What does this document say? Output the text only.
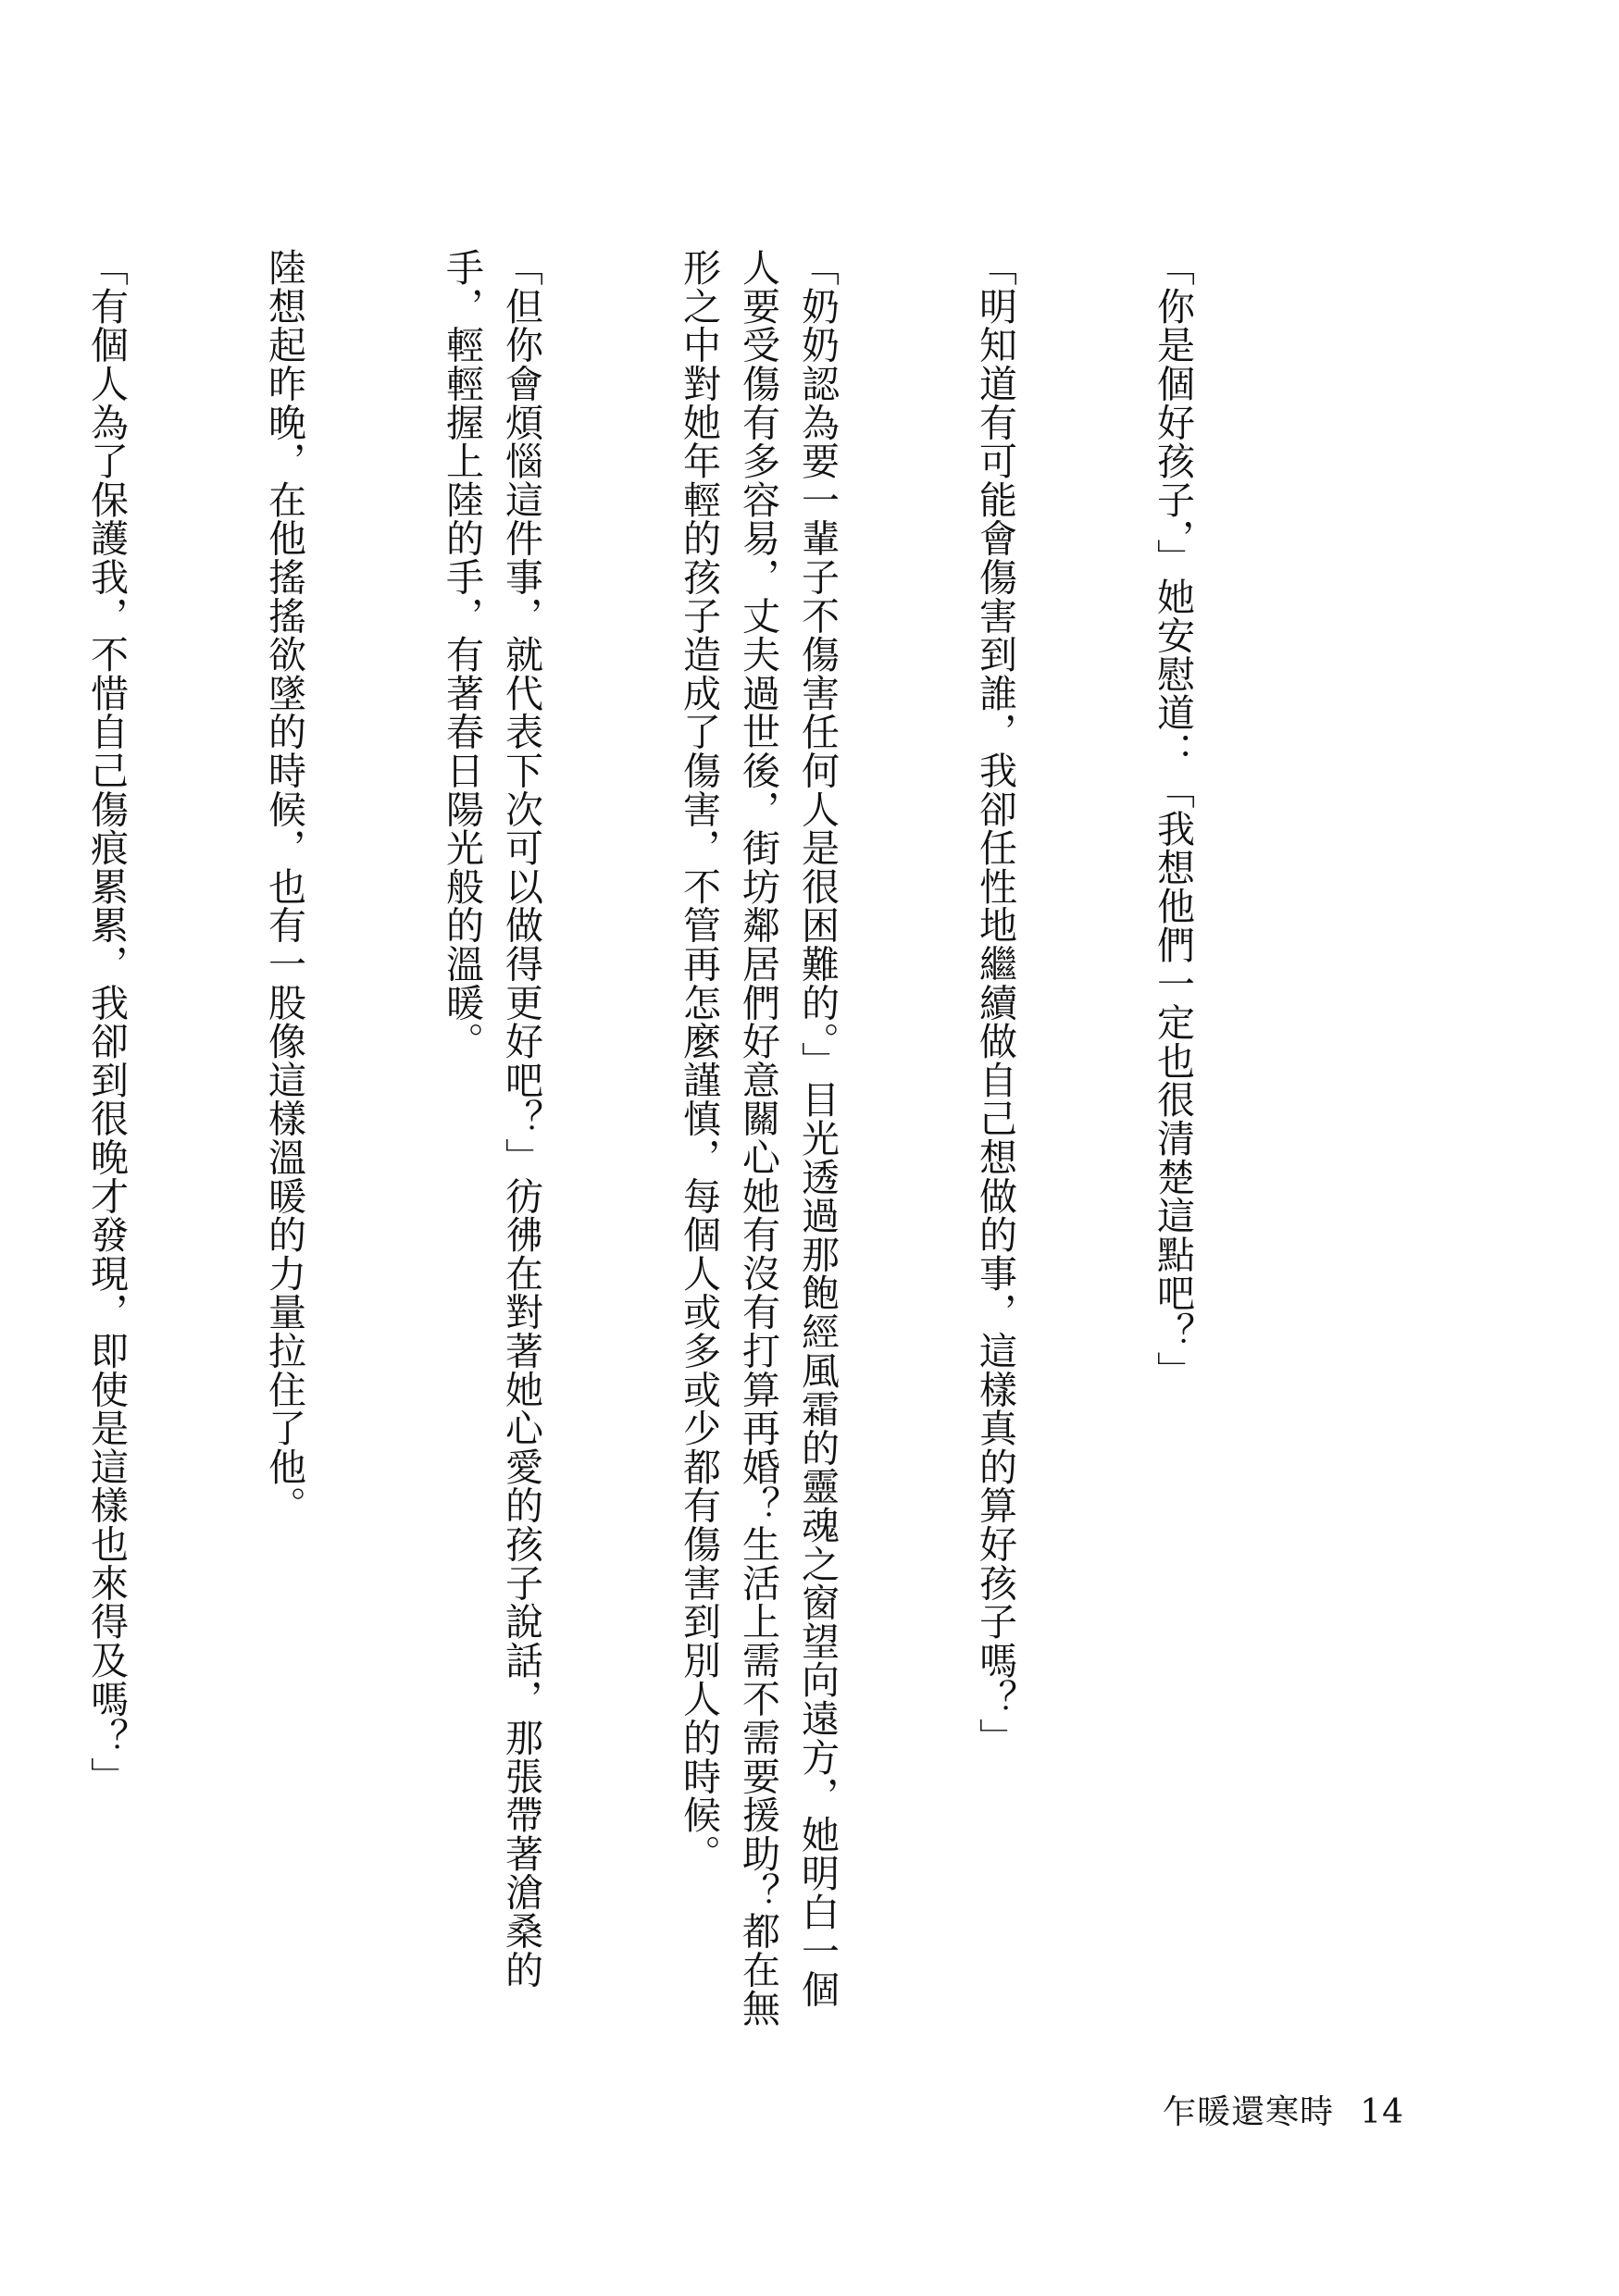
「你是個好孩子，」她安慰道：「我想他們一定也很清楚這點吧？」

「明知道有可能會傷害到誰，我卻任性地繼續做自己想做的事，這樣真的算好孩子嗎？」

「奶奶認為要一輩子不傷害任何人是很困難的。」目光透過那飽經風霜的靈魂之窗望向遠方，她明白一個人要受傷有多容易，丈夫過世後，街坊鄰居們好意關心她有沒有打算再婚？生活上需不需要援助？都在無形之中對她年輕的孩子造成了傷害，不管再怎麼謹慎，每個人或多或少都有傷害到別人的時候。

「但你會煩惱這件事，就代表下次可以做得更好吧？」彷彿在對著她心愛的孩子說話，那張帶著滄桑的手，輕輕握上陸的手，有著春日陽光般的溫暖。

陸想起昨晚，在他搖搖欲墜的時候，也有一股像這樣溫暖的力量拉住了他。

「有個人為了保護我，不惜自己傷痕累累，我卻到很晚才發現，即使是這樣也來得及嗎？」

乍暖還寒時 14
